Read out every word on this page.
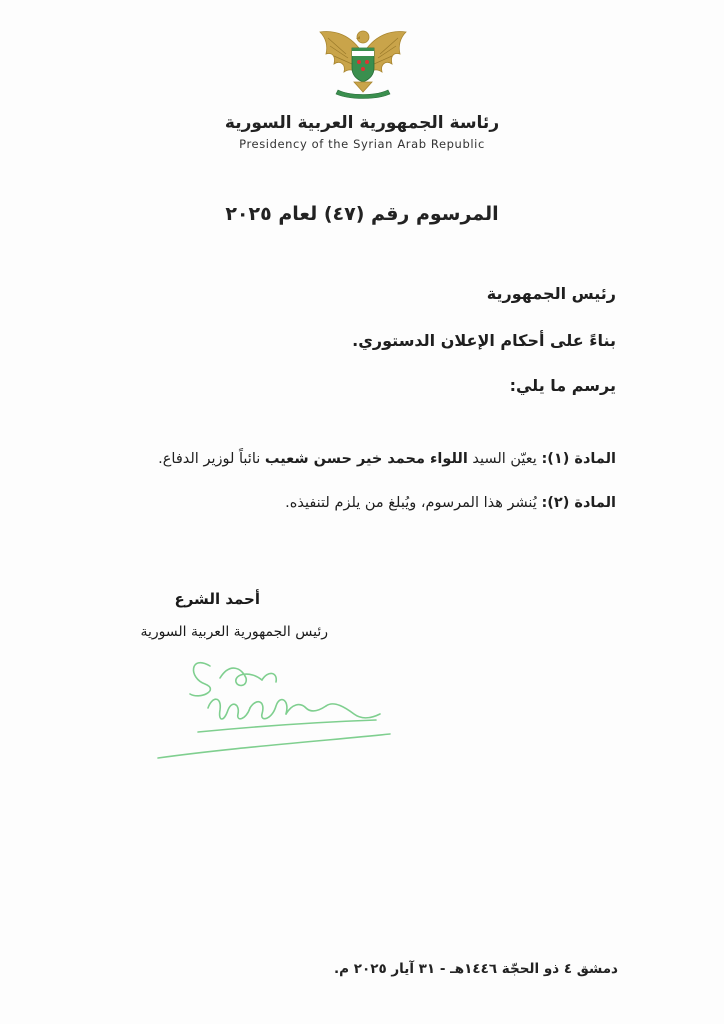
رئاسة الجمهورية العربية السورية
Presidency of the Syrian Arab Republic
المرسوم رقم (٤٧) لعام ٢٠٢٥
رئيس الجمهورية
بناءً على أحكام الإعلان الدستوري.
يرسم ما يلي:
المادة (١): يعيّن السيد اللواء محمد خير حسن شعيب نائباً لوزير الدفاع.
المادة (٢): يُنشر هذا المرسوم، ويُبلغ من يلزم لتنفيذه.
أحمد الشرع
رئيس الجمهورية العربية السورية
دمشق ٤ ذو الحجّة ١٤٤٦هـ - ٣١ آيار ٢٠٢٥ م.
